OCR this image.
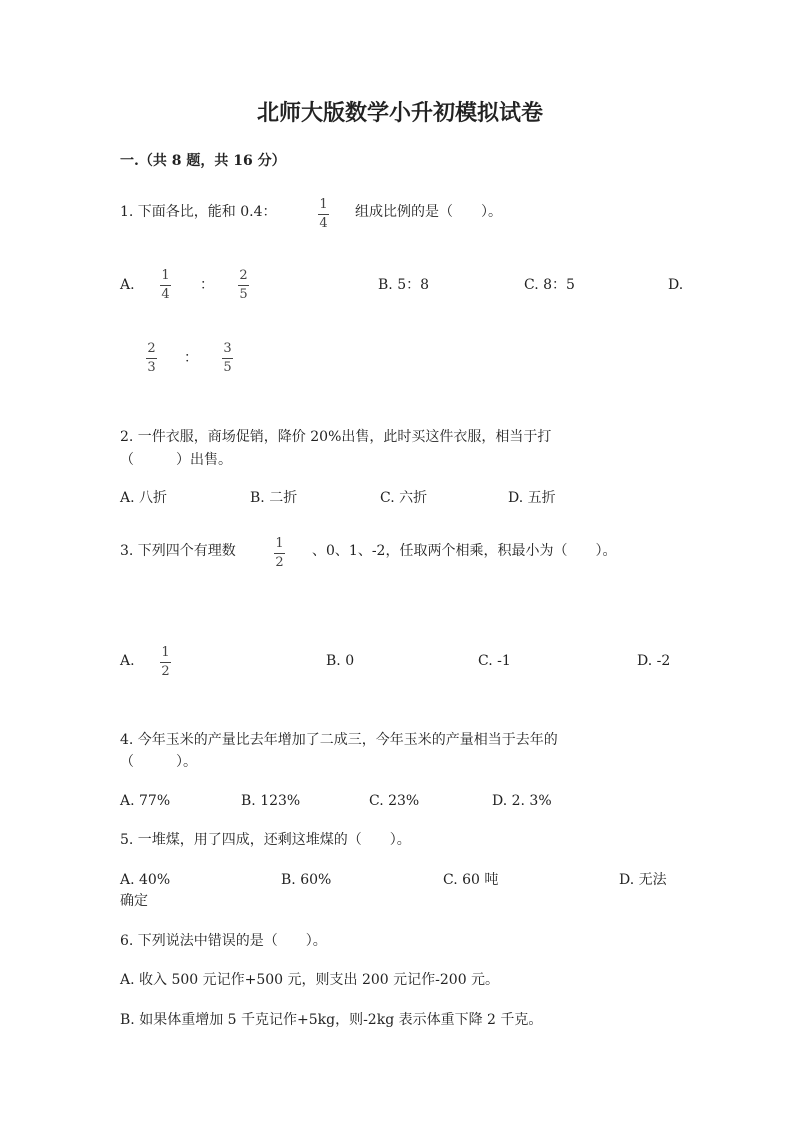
北师大版数学小升初模拟试卷
一.（共 8 题，共 16 分）
1. 下面各比，能和 0.4：	1
4
组成比例的是（　　）。
A.
1
4
：
2
5
B. 5：8	C. 8：5	D.
2
3
：
3
5
2. 一件衣服，商场促销，降价 20%出售，此时买这件衣服，相当于打
（　　　）出售。
A. 八折	B. 二折	C. 六折	D. 五折
3. 下列四个有理数	1
2
、0、1、-2，任取两个相乘，积最小为（　　）。
A.
1
2
B. 0	C. -1	D. -2
4. 今年玉米的产量比去年增加了二成三，今年玉米的产量相当于去年的
（　　　）。
A. 77%	B. 123%	C. 23%	D. 2. 3%
5. 一堆煤，用了四成，还剩这堆煤的（　　）。
A. 40%	B. 60%	C. 60 吨	D. 无法
确定
6. 下列说法中错误的是（　　）。
A. 收入 500 元记作+500 元，则支出 200 元记作-200 元。
B. 如果体重增加 5 千克记作+5kg，则-2kg 表示体重下降 2 千克。
